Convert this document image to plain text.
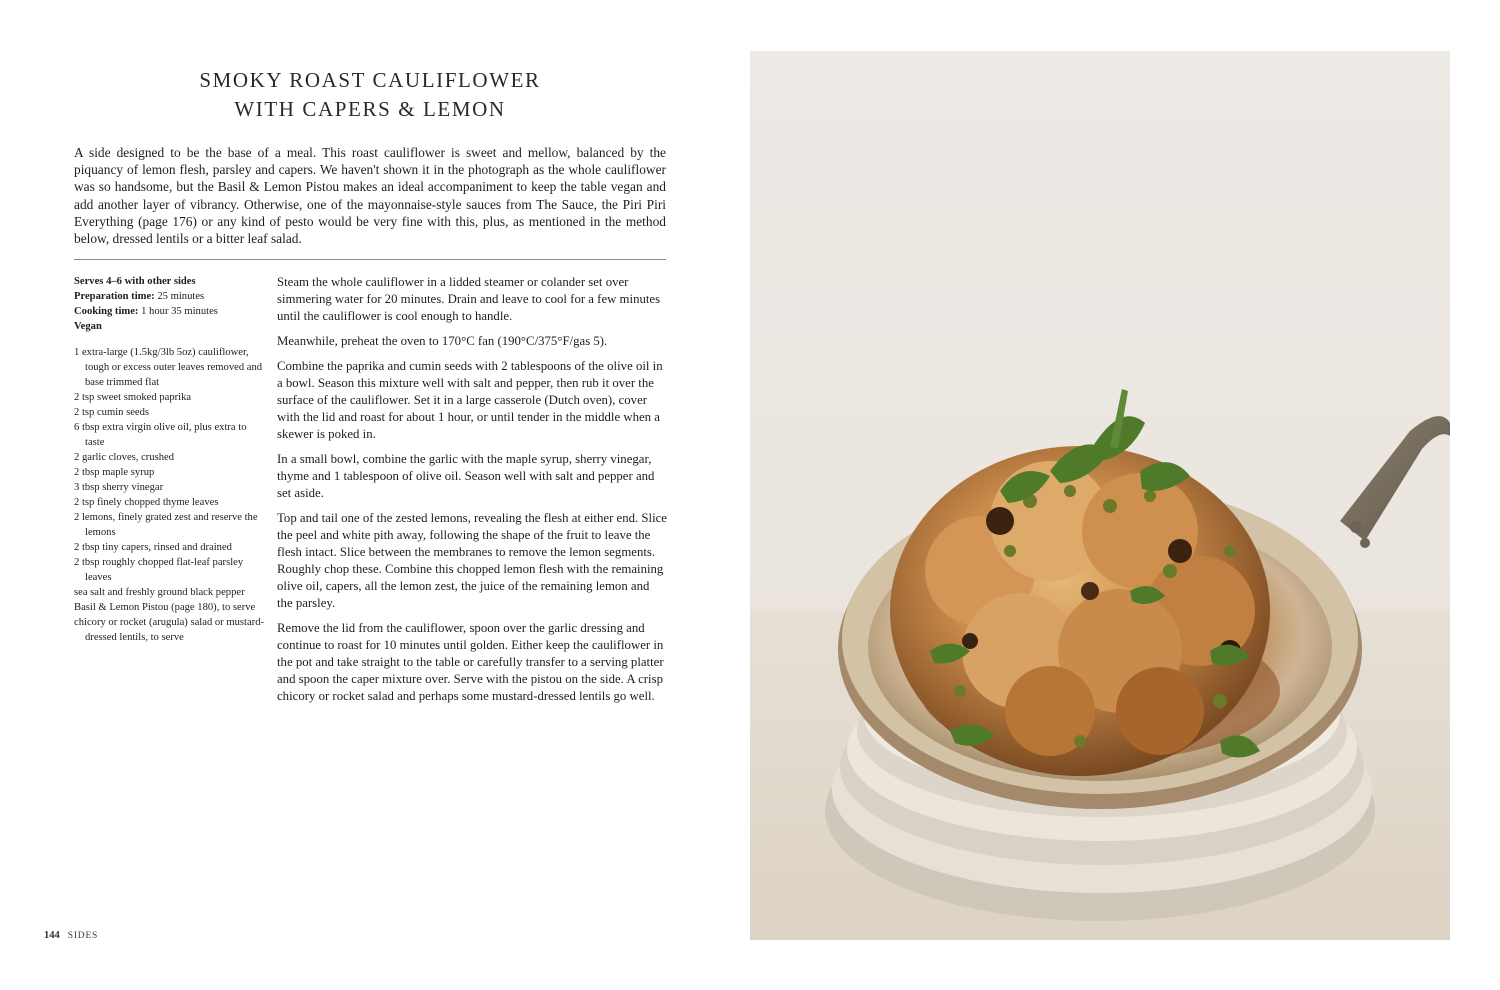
SMOKY ROAST CAULIFLOWER
WITH CAPERS & LEMON

A side designed to be the base of a meal. This roast cauliflower is sweet and mellow, balanced by the piquancy of lemon flesh, parsley and capers. We haven't shown it in the photograph as the whole cauliflower was so handsome, but the Basil & Lemon Pistou makes an ideal accompaniment to keep the table vegan and add another layer of vibrancy. Otherwise, one of the mayonnaise-style sauces from The Sauce, the Piri Piri Everything (page 176) or any kind of pesto would be very fine with this, plus, as mentioned in the method below, dressed lentils or a bitter leaf salad.

Serves 4–6 with other sides
Preparation time: 25 minutes
Cooking time: 1 hour 35 minutes
Vegan
1 extra-large (1.5kg/3lb 5oz) cauliflower, tough or excess outer leaves removed and base trimmed flat
2 tsp sweet smoked paprika
2 tsp cumin seeds
6 tbsp extra virgin olive oil, plus extra to taste
2 garlic cloves, crushed
2 tbsp maple syrup
3 tbsp sherry vinegar
2 tsp finely chopped thyme leaves
2 lemons, finely grated zest and reserve the lemons
2 tbsp tiny capers, rinsed and drained
2 tbsp roughly chopped flat-leaf parsley leaves
sea salt and freshly ground black pepper
Basil & Lemon Pistou (page 180), to serve
chicory or rocket (arugula) salad or mustard-dressed lentils, to serve

Steam the whole cauliflower in a lidded steamer or colander set over simmering water for 20 minutes. Drain and leave to cool for a few minutes until the cauliflower is cool enough to handle.

Meanwhile, preheat the oven to 170°C fan (190°C/375°F/gas 5).

Combine the paprika and cumin seeds with 2 tablespoons of the olive oil in a bowl. Season this mixture well with salt and pepper, then rub it over the surface of the cauliflower. Set it in a large casserole (Dutch oven), cover with the lid and roast for about 1 hour, or until tender in the middle when a skewer is poked in.

In a small bowl, combine the garlic with the maple syrup, sherry vinegar, thyme and 1 tablespoon of olive oil. Season well with salt and pepper and set aside.

Top and tail one of the zested lemons, revealing the flesh at either end. Slice the peel and white pith away, following the shape of the fruit to leave the flesh intact. Slice between the membranes to remove the lemon segments. Roughly chop these. Combine this chopped lemon flesh with the remaining olive oil, capers, all the lemon zest, the juice of the remaining lemon and the parsley.

Remove the lid from the cauliflower, spoon over the garlic dressing and continue to roast for 10 minutes until golden. Either keep the cauliflower in the pot and take straight to the table or carefully transfer to a serving platter and spoon the caper mixture over. Serve with the pistou on the side. A crisp chicory or rocket salad and perhaps some mustard-dressed lentils go well.

144 SIDES
